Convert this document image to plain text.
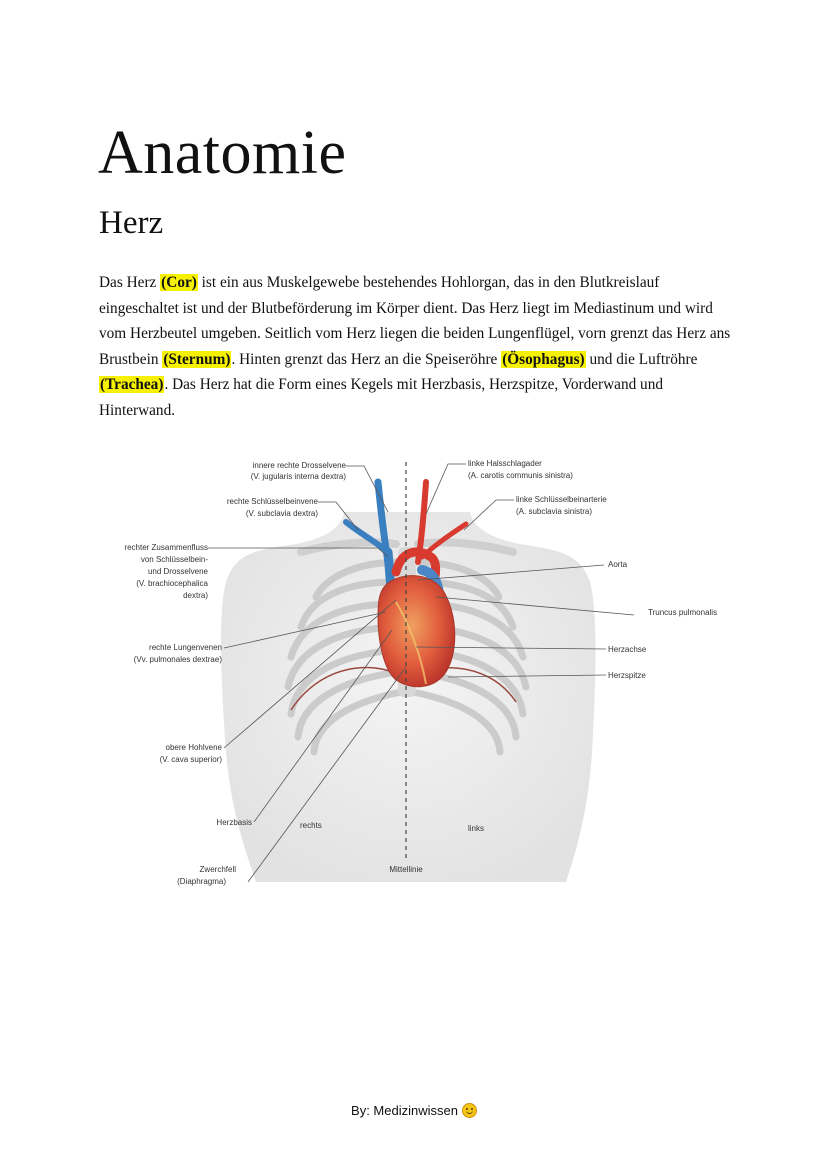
Anatomie
Herz

Das Herz (Cor) ist ein aus Muskelgewebe bestehendes Hohlorgan, das in den Blutkreislauf eingeschaltet ist und der Blutbeförderung im Körper dient. Das Herz liegt im Mediastinum und wird vom Herzbeutel umgeben. Seitlich vom Herz liegen die beiden Lungenflügel, vorn grenzt das Herz ans Brustbein (Sternum). Hinten grenzt das Herz an die Speiseröhre (Ösophagus) und die Luftröhre (Trachea). Das Herz hat die Form eines Kegels mit Herzbasis, Herzspitze, Vorderwand und Hinterwand.

innere rechte Drosselvene
(V. jugularis interna dextra)
rechte Schlüsselbeinvene
(V. subclavia dextra)
rechter Zusammenfluss
von Schlüsselbein-
und Drosselvene
(V. brachiocephalica
dextra)
rechte Lungenvenen
(Vv. pulmonales dextrae)
obere Hohlvene
(V. cava superior)
Herzbasis
Zwerchfell
(Diaphragma)
linke Halsschlagader
(A. carotis communis sinistra)
linke Schlüsselbeinarterie
(A. subclavia sinistra)
Aorta
Truncus pulmonalis
Herzachse
Herzspitze
rechts	links
Mittellinie
By: Medizinwissen
